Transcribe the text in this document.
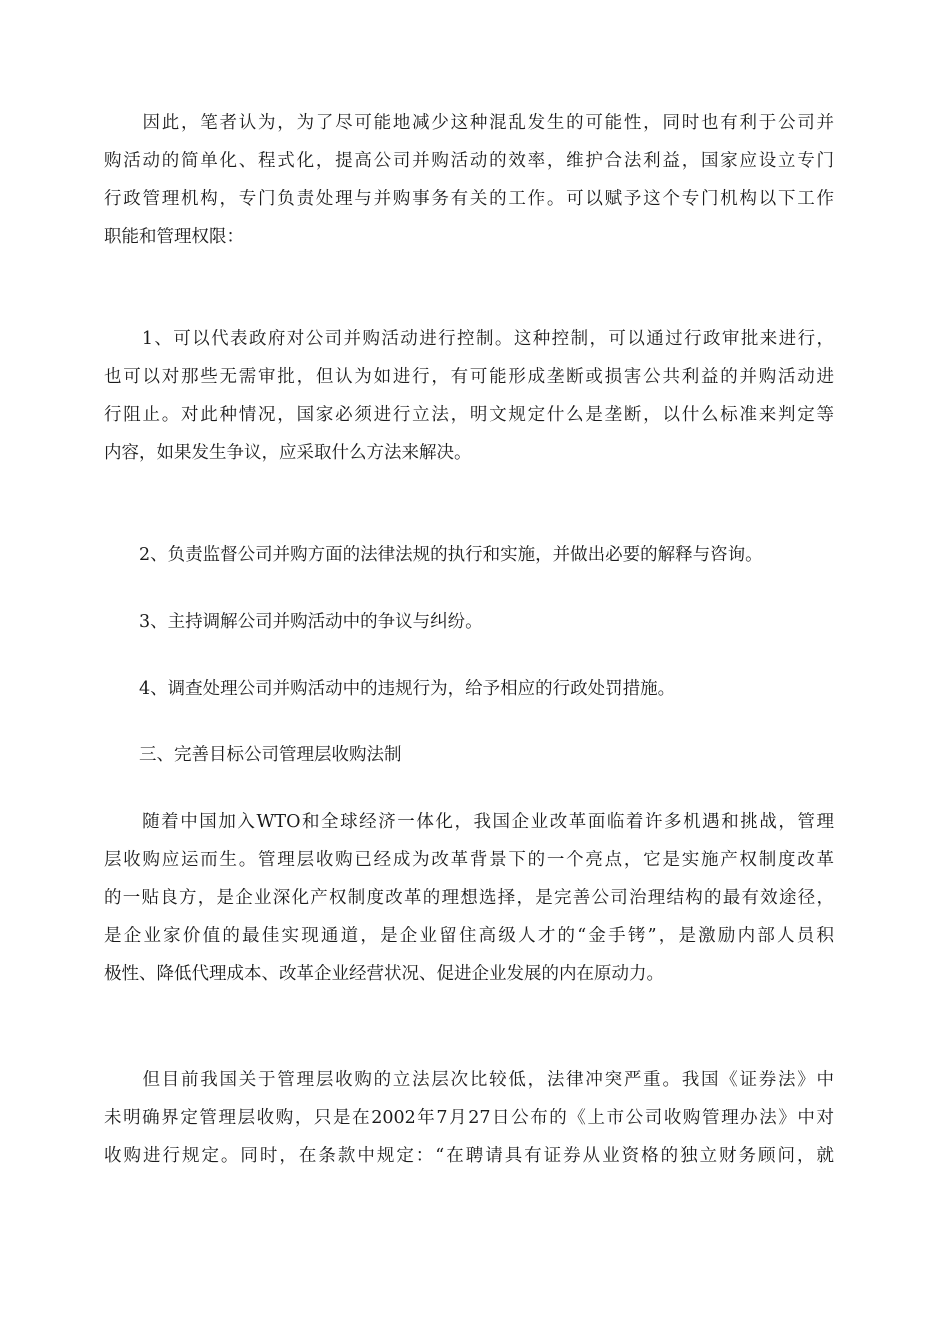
　　因此，笔者认为，为了尽可能地减少这种混乱发生的可能性，同时也有利于公司并
购活动的简单化、程式化，提高公司并购活动的效率，维护合法利益，国家应设立专门
行政管理机构，专门负责处理与并购事务有关的工作。可以赋予这个专门机构以下工作
职能和管理权限：
　　1、可以代表政府对公司并购活动进行控制。这种控制，可以通过行政审批来进行，
也可以对那些无需审批，但认为如进行，有可能形成垄断或损害公共利益的并购活动进
行阻止。对此种情况，国家必须进行立法，明文规定什么是垄断，以什么标准来判定等
内容，如果发生争议，应采取什么方法来解决。
　　2、负责监督公司并购方面的法律法规的执行和实施，并做出必要的解释与咨询。
　　3、主持调解公司并购活动中的争议与纠纷。
　　4、调查处理公司并购活动中的违规行为，给予相应的行政处罚措施。
　　三、完善目标公司管理层收购法制
　　随着中国加入WTO和全球经济一体化，我国企业改革面临着许多机遇和挑战，管理
层收购应运而生。管理层收购已经成为改革背景下的一个亮点，它是实施产权制度改革
的一贴良方，是企业深化产权制度改革的理想选择，是完善公司治理结构的最有效途径，
是企业家价值的最佳实现通道，是企业留住高级人才的“金手铐”，是激励内部人员积
极性、降低代理成本、改革企业经营状况、促进企业发展的内在原动力。
　　但目前我国关于管理层收购的立法层次比较低，法律冲突严重。我国《证券法》中
未明确界定管理层收购，只是在2002年7月27日公布的《上市公司收购管理办法》中对
收购进行规定。同时，在条款中规定：“在聘请具有证券从业资格的独立财务顾问，就
